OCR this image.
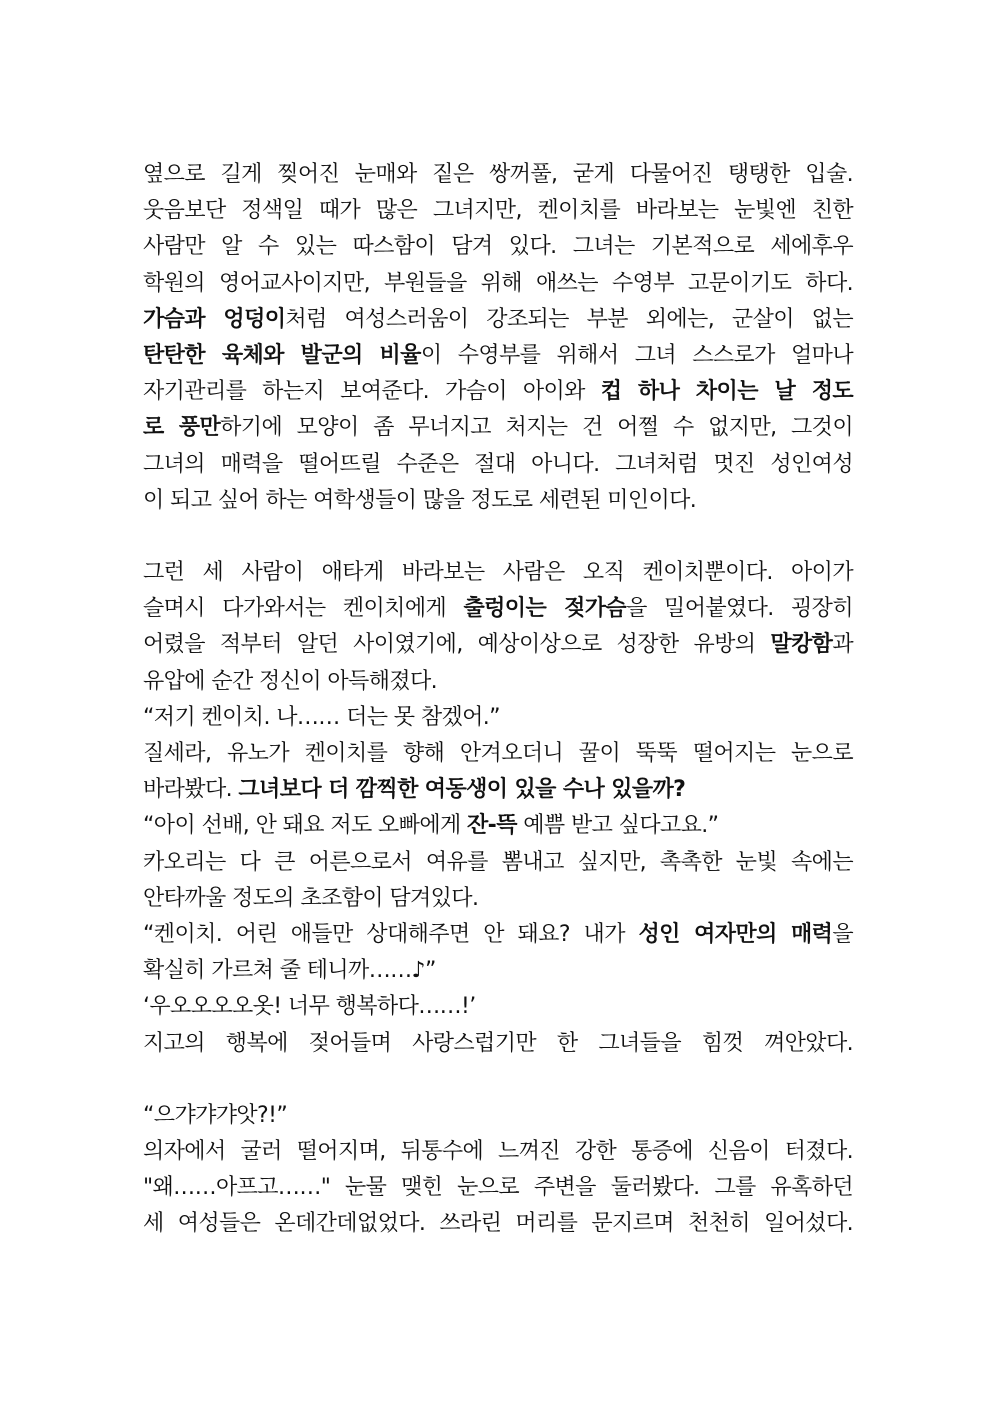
옆으로 길게 찢어진 눈매와 짙은 쌍꺼풀, 굳게 다물어진 탱탱한 입술.
웃음보단 정색일 때가 많은 그녀지만, 켄이치를 바라보는 눈빛엔 친한
사람만 알 수 있는 따스함이 담겨 있다. 그녀는 기본적으로 세에후우
학원의 영어교사이지만, 부원들을 위해 애쓰는 수영부 고문이기도 하다.
가슴과 엉덩이처럼 여성스러움이 강조되는 부분 외에는, 군살이 없는
탄탄한 육체와 발군의 비율이 수영부를 위해서 그녀 스스로가 얼마나
자기관리를 하는지 보여준다. 가슴이 아이와 컵 하나 차이는 날 정도
로 풍만하기에 모양이 좀 무너지고 처지는 건 어쩔 수 없지만, 그것이
그녀의 매력을 떨어뜨릴 수준은 절대 아니다. 그녀처럼 멋진 성인여성
이 되고 싶어 하는 여학생들이 많을 정도로 세련된 미인이다.
그런 세 사람이 애타게 바라보는 사람은 오직 켄이치뿐이다. 아이가
슬며시 다가와서는 켄이치에게 출렁이는 젖가슴을 밀어붙였다. 굉장히
어렸을 적부터 알던 사이였기에, 예상이상으로 성장한 유방의 말캉함과
유압에 순간 정신이 아득해졌다.
“저기 켄이치. 나…… 더는 못 참겠어.”
질세라, 유노가 켄이치를 향해 안겨오더니 꿀이 뚝뚝 떨어지는 눈으로
바라봤다. 그녀보다 더 깜찍한 여동생이 있을 수나 있을까?
“아이 선배, 안 돼요 저도 오빠에게 잔-뜩 예쁨 받고 싶다고요.”
카오리는 다 큰 어른으로서 여유를 뽐내고 싶지만, 촉촉한 눈빛 속에는
안타까울 정도의 초조함이 담겨있다.
“켄이치. 어린 애들만 상대해주면 안 돼요? 내가 성인 여자만의 매력을
확실히 가르쳐 줄 테니까……♪”
‘우오오오오옷! 너무 행복하다……!’
지고의 행복에 젖어들며 사랑스럽기만 한 그녀들을 힘껏 껴안았다.
“으갸갸갸앗?!”
의자에서 굴러 떨어지며, 뒤통수에 느껴진 강한 통증에 신음이 터졌다.
"왜……아프고……" 눈물 맺힌 눈으로 주변을 둘러봤다. 그를 유혹하던
세 여성들은 온데간데없었다. 쓰라린 머리를 문지르며 천천히 일어섰다.
